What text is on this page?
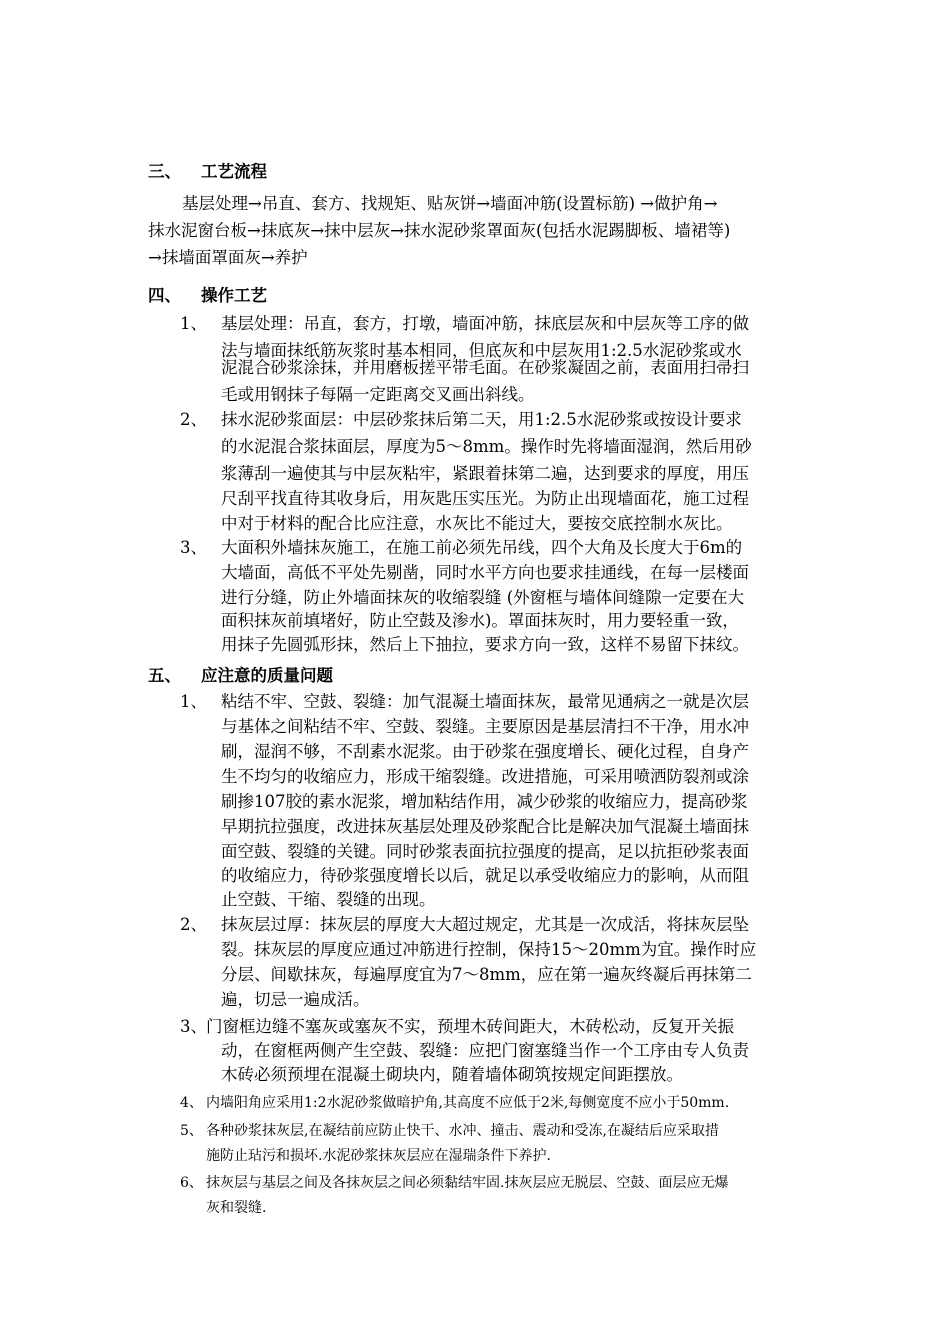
三、 工艺流程
基层处理→吊直、套方、找规矩、贴灰饼→墙面冲筋(设置标筋) →做护角→
抹水泥窗台板→抹底灰→抹中层灰→抹水泥砂浆罩面灰(包括水泥踢脚板、墙裙等)
→抹墙面罩面灰→养护
四、 操作工艺
1、 基层处理：吊直，套方，打墩，墙面冲筋，抹底层灰和中层灰等工序的做
法与墙面抹纸筋灰浆时基本相同，但底灰和中层灰用1:2.5水泥砂浆或水
泥混合砂浆涂抹，并用磨板搓平带毛面。在砂浆凝固之前，表面用扫帚扫
毛或用钢抹子每隔一定距离交叉画出斜线。
2、 抹水泥砂浆面层：中层砂浆抹后第二天，用1:2.5水泥砂浆或按设计要求
的水泥混合浆抹面层，厚度为5～8mm。操作时先将墙面湿润，然后用砂
浆薄刮一遍使其与中层灰粘牢，紧跟着抹第二遍，达到要求的厚度，用压
尺刮平找直待其收身后，用灰匙压实压光。为防止出现墙面花，施工过程
中对于材料的配合比应注意，水灰比不能过大，要按交底控制水灰比。
3、 大面积外墙抹灰施工，在施工前必须先吊线，四个大角及长度大于6m的
大墙面，高低不平处先剔凿，同时水平方向也要求挂通线，在每一层楼面
进行分缝，防止外墙面抹灰的收缩裂缝 (外窗框与墙体间缝隙一定要在大
面积抹灰前填堵好，防止空鼓及渗水)。罩面抹灰时，用力要轻重一致，
用抹子先圆弧形抹，然后上下抽拉，要求方向一致，这样不易留下抹纹。
五、 应注意的质量问题
1、 粘结不牢、空鼓、裂缝：加气混凝土墙面抹灰，最常见通病之一就是次层
与基体之间粘结不牢、空鼓、裂缝。主要原因是基层清扫不干净，用水冲
刷，湿润不够，不刮素水泥浆。由于砂浆在强度增长、硬化过程，自身产
生不均匀的收缩应力，形成干缩裂缝。改进措施，可采用喷洒防裂剂或涂
刷掺107胶的素水泥浆，增加粘结作用，减少砂浆的收缩应力，提高砂浆
早期抗拉强度，改进抹灰基层处理及砂浆配合比是解决加气混凝土墙面抹
面空鼓、裂缝的关键。同时砂浆表面抗拉强度的提高，足以抗拒砂浆表面
的收缩应力，待砂浆强度增长以后，就足以承受收缩应力的影响，从而阻
止空鼓、干缩、裂缝的出现。
2、 抹灰层过厚：抹灰层的厚度大大超过规定，尤其是一次成活，将抹灰层坠
裂。抹灰层的厚度应通过冲筋进行控制，保持15～20mm为宜。操作时应
分层、间歇抹灰，每遍厚度宜为7～8mm，应在第一遍灰终凝后再抹第二
遍，切忌一遍成活。
3、 门窗框边缝不塞灰或塞灰不实，预埋木砖间距大，木砖松动，反复开关振
动，在窗框两侧产生空鼓、裂缝：应把门窗塞缝当作一个工序由专人负责
木砖必须预埋在混凝土砌块内，随着墙体砌筑按规定间距摆放。
4、 内墙阳角应采用1:2水泥砂浆做暗护角,其高度不应低于2米,每侧宽度不应小于50mm.
5、 各种砂浆抹灰层,在凝结前应防止快干、水冲、撞击、震动和受冻,在凝结后应采取措
施防止玷污和损坏.水泥砂浆抹灰层应在湿瑞条件下养护.
6、 抹灰层与基层之间及各抹灰层之间必须黏结牢固.抹灰层应无脱层、空鼓、面层应无爆
灰和裂缝.
